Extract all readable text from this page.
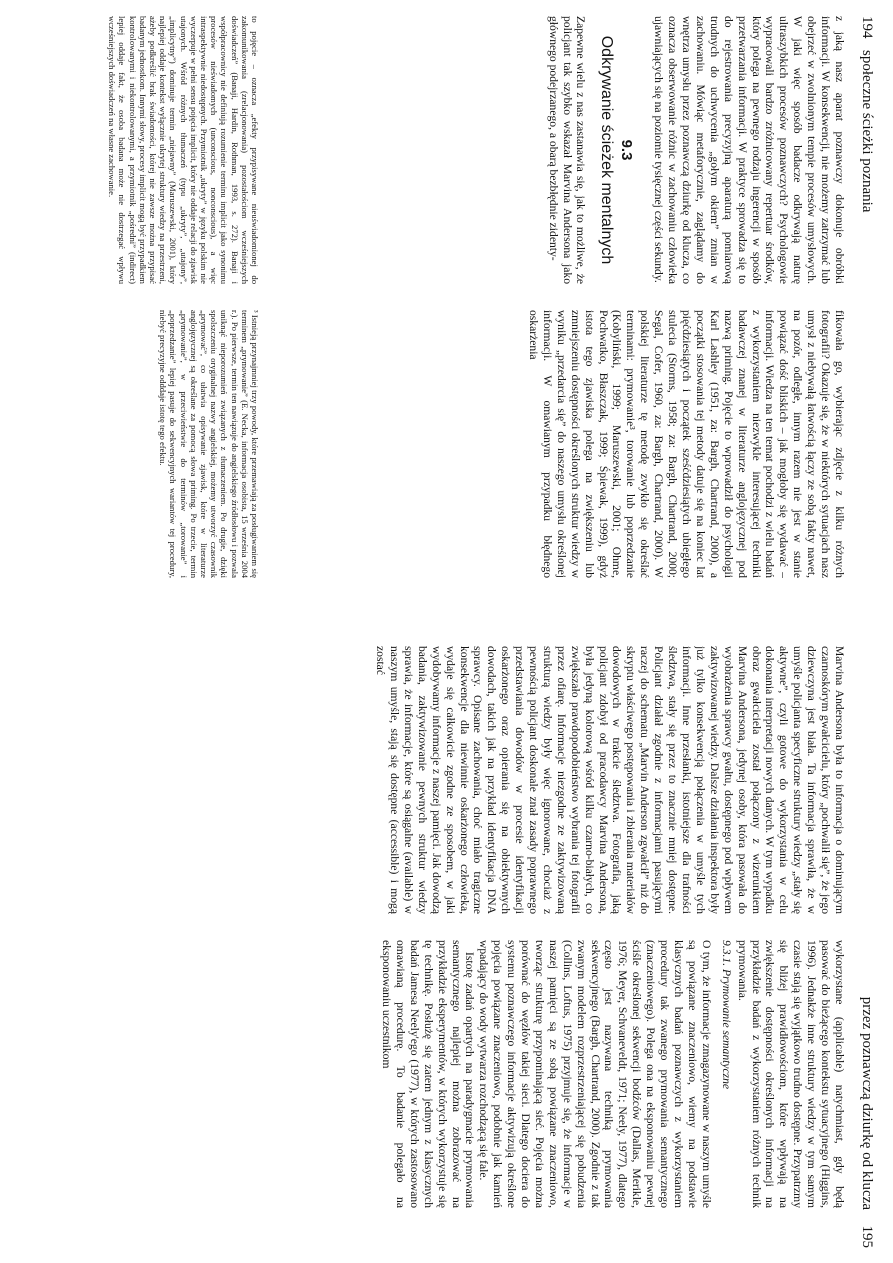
194
społeczne ścieżki poznania

z jaką nasz aparat poznawczy dokonuje obróbki informacji. W konsekwencji, nie możemy zatrzymać lub obejrzeć w zwolnionym tempie procesów umysłowych. W jaki więc sposób badacze odkrywają naturę ultraszybkich procesów poznawczych? Psychologowie wypracowali bardzo zróżnicowany repertuar środków, który polega na pewnego rodzaju ingerencji w sposób przetwarzania informacji. W praktyce sprowadza się to do rejestrowania precyzyjną aparaturą pomiarową trudnych do uchwycenia „gołym okiem” zmian w zachowaniu. Mówiąc metaforycznie, zaglądamy do wnętrza umysłu przez poznawczą dziurkę od klucza, co oznacza obserwowanie różnic w zachowaniu człowieka ujawniających się na poziomie tysięcznej części sekundy.

9.3
Odkrywanie ścieżek mentalnych

Zapewne wielu z nas zastanawia się, jak to możliwe, że policjant tak szybko wskazał Marvina Andersona jako głównego podejrzanego, a obarą bezbłędnie zidenty-

fikowała go, wybierając zdjęcie z kilku różnych fotografii? Okazuje się, że w niektórych sytuacjach nasz umysł z niebywałą łatwością łączy ze sobą fakty nawet, na pozór, odległe, innym razem nie jest w stanie powiązać dość bliskich – jak mogłoby się wydawać – informacji. Wiedza na ten temat pochodzi z wielu badań z wykorzystaniem niezwykle interesującej techniki badawczej znanej w literaturze anglojęzycznej pod nazwą priming. Pojęcie to wprowadził do psychologii Karl Lashley (1951, za: Bargh, Chartrand, 2000), a początki stosowania tej metody datuje się na koniec lat pięćdziesiątych i początek sześćdziesiątych ubiegłego stulecia (Storms, 1958; za: Bargh, Chartrand, 2000; Segal, Cofer, 1960, za: Bargh, Chartrand, 2000). W polskiej literaturze tę metodę zwykło się określać terminami: prymowanie³, torowanie lub poprzedzanie (Kobyliński, 1999; Maruszewski, 2001; Ohme, Pochwatko, Błaszczak, 1999; Śpiewak, 1999), gdyż istota tego zjawiska polega na zwiększeniu lub zmniejszeniu dostępności określonych struktur wiedzy w wyniku „przedarcia się” do naszego umysłu określonej informacji. W omawianym przypadku błędnego oskarżenia

to pojęcie – oznacza „efekty przypisywane nieuświadomionej do zakomunikowania (zrelacjonowania) pozostałościom wcześniejszych doświadczeń” (Banaji, Hardin, Rothman, 1993, s. 272). Banaji i współpracownicy nie definiują rozumienie terminu implicit jako synonimu procesów nieświadomych (unconscious, nonconscious), a więc intraspektywnie niedostępnych. Przymiotnik „ukryty” w języku polskim nie wyczerpuje w pełni sensu pojęcia implicit, który nie oddaje relacji do zjawisk utajonych. Wśród różnych tłumaczeń (typu „ukryty”, „utajony”, „implicytny”) dominuje termin „niejawny” (Maruszewski, 2001), który najlepiej oddaje kontekst wyłącznie ukrytej struktury wiedzy na przestrzeni, ażeby podkreślić brak świadomości, której nie zawsze można przypisać badanym jednostkom. Innymi słowy, procesy implicit mogą być przypadkiem kontrolowanymi i niekontrolowanymi, a przymiotnik „pośredni” (indirect) lepiej oddaje fakt, że osoba badana może nie dostrzegać wpływu wcześniejszych doświadczeń na własne zachowanie.

³ Istnieją przynajmniej trzy powody, które przemawiają za posługiwaniem się terminem „prymowanie” (E. Necka, informacja osobista, 15 września 2004 r.). Po pierwsze, termin ten nawiązuje do angielskiego źródłosłowu i pozwala uniknąć nieporozumień związanych z tłumaczeniem. Po drugie, dzięki spolszczeniu oryginalnej nazwy angielskiej, możemy utworzyć czasownik „prymować”, co ułatwia opisywanie zjawisk, które w literaturze anglojęzycznej są określane za pomocą słowa priming. Po trzecie, termin „prymowanie”, w przeciwieństwie do terminów „torowanie” i „poprzedzanie” lepiej pasuje do sekwencyjnych wariantów tej procedury, niebyć precyzyjne odddaje istotę tego efektu.

przez poznawczą dziurkę od klucza
195

Marvina Andersona była to informacja o dominującym czarnoskórym gwałcicielu, który „pochwalił się”, że jego dziewczyna jest biała. Ta informacja sprawiła, że w umyśle policjanta specyficzne struktury wiedzy „stały się aktywne”, czyli gotowe do wykorzystania w celu dokonania interpretacji nowych danych. W tym wypadku obraz gwałciciela został połączony z wizerunkiem Marvina Andersona, jedynej osoby, która pasowała do wyobrażenia sprawcy gwałtu, dostępnego pod wpływem zaktywizowanej wiedzy. Dalsze działania inspektora były już tylko konsekwencją połączenia w umyśle tych informacji. Inne przesłanki, istotniejsze dla trafności śledztwa, stały się przez to znacznie mniej dostępne. Policjant działał zgodnie z informacjami pasującymi raczej do schematu „Marvin Anderson zgwałcił” niż do skryptu właściwego postępowania i zbierania materiałów dowodowych w trakcie śledztwa. Fotografia, jaką policjant zdobył od pracodawcy Marvina Andersona, była jedyną kolorową wśród kilku czarno-białych, co zwiększało prawdopodobieństwo wybrania tej fotografii przez ofiarę. Informacje niezgodne ze zaktywizowaną strukturą wiedzy były więc ignorowane, chociaż z pewnością policjant doskonale znał zasady poprawnego przedstawiania dowodów w procesie identyfikacji oskarżonego oraz opierania się na obiektywnych dowodach, takich jak na przykład identyfikacja DNA sprawcy. Opisane zachowania, choć miało tragiczne konsekwencje dla niewinnie oskarżonego człowieka, wydaje się całkowicie zgodne ze sposobem, w jaki wydobywamy informacje z naszej pamięci. Jak dowodzą badania, zaktywizowanie pewnych struktur wiedzy sprawia, że informacje, które są osiągalne (available) w naszym umyśle, stają się dostępne (accessible) i mogą zostać

wykorzystane (applicable) natychmiast, gdy będą pasować do bieżącego kontekstu sytuacyjnego (Higgins, 1996). Jednakże inne struktury wiedzy w tym samym czasie stają się wyjątkowo trudno dostępne. Przypatrzmy się bliżej prawidłowościom, które wpływają na zwiększenie dostępności określonych informacji na przykładzie badań z wykorzystaniem różnych technik prymowania.

9.3.1. Prymowanie semantyczne

O tym, że informacje zmagazynowane w naszym umyśle są powiązane znaczeniowo, wiemy na podstawie klasycznych badań poznawczych z wykorzystaniem procedury tak zwanego prymowania semantycznego (znaczeniowego). Polega ona na eksponowaniu pewnej ściśle określonej sekwencji bodźców (Dallas, Merikle, 1976; Meyer, Schvaneveldt, 1971; Neely, 1977), dlatego często jest nazywana techniką prymowania sekwencyjnego (Bargh, Chartrand, 2000). Zgodnie z tak zwanym modelem rozprzestrzeniającej się pobudzenia (Collins, Loftus, 1975) przyjmuje się, że informacje w naszej pamięci są ze sobą powiązane znaczeniowo, tworząc strukturę przypominającą sieć. Pojęcia można porównać do węzłów takiej sieci. Dlatego dociera do systemu poznawczego informacje aktywizują określone pojęcia powiązane znaczeniowo, podobnie jak kamień wpadający do wody wytwarza rozchodzącą się fale.

Istotę zadań opartych na paradygmacie prymowania semantycznego najlepiej można zobrazować na przykładzie eksperymentów, w których wykorzystuje się tę technikę. Posłużę się zatem jednym z klasycznych badań Jamesa Neely'ego (1977), w których zastosowano omawianą procedurę. To badanie polegało na eksponowaniu uczestnikom
